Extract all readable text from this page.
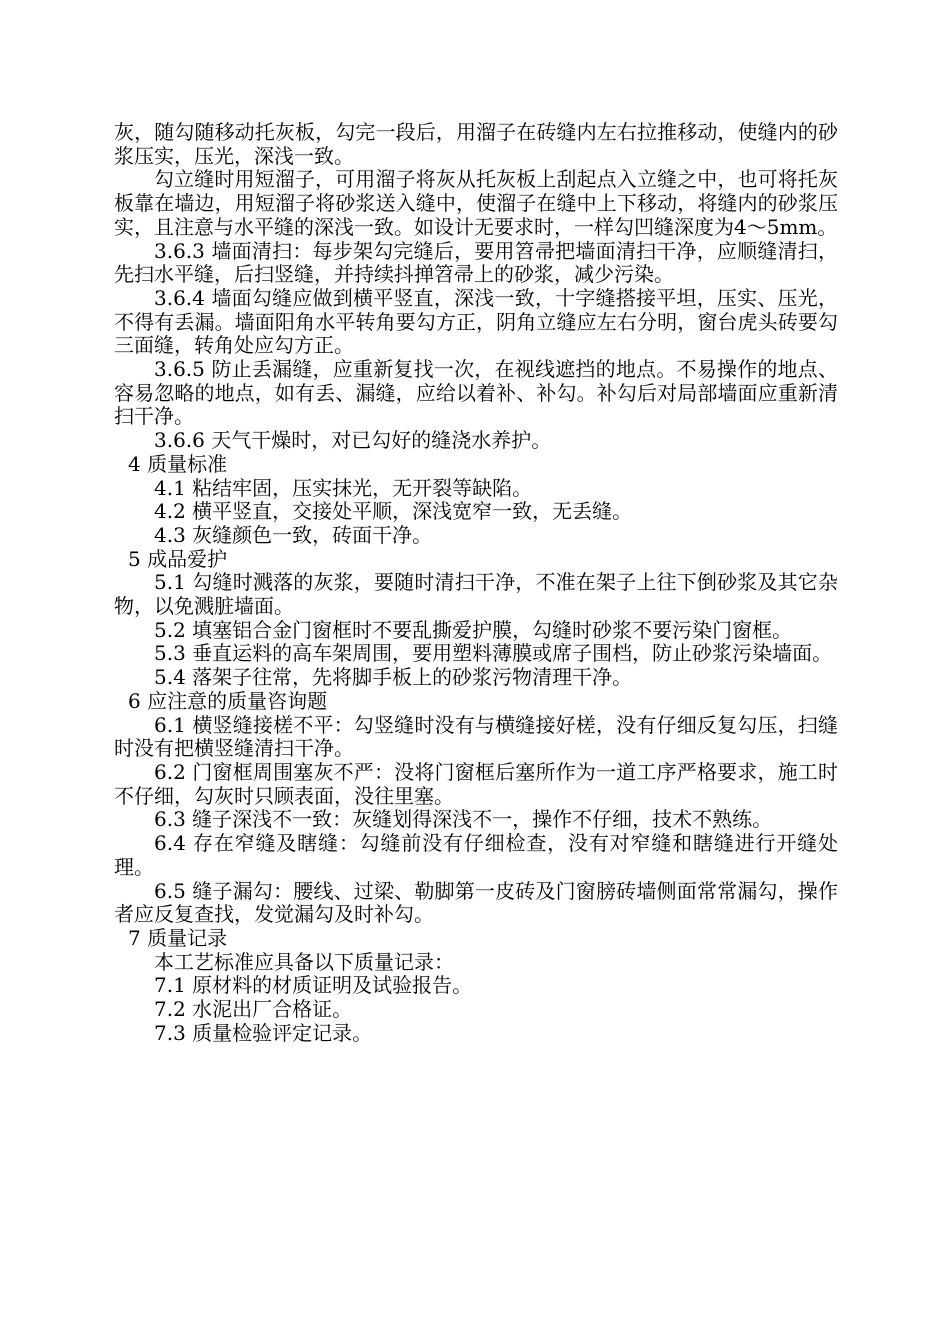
灰，随勾随移动托灰板，勾完一段后，用溜子在砖缝内左右拉推移动，使缝内的砂浆压实，压光，深浅一致。

勾立缝时用短溜子，可用溜子将灰从托灰板上刮起点入立缝之中，也可将托灰板靠在墙边，用短溜子将砂浆送入缝中，使溜子在缝中上下移动，将缝内的砂浆压实，且注意与水平缝的深浅一致。如设计无要求时，一样勾凹缝深度为4～5mm。

3.6.3 墙面清扫：每步架勾完缝后，要用笤帚把墙面清扫干净，应顺缝清扫，先扫水平缝，后扫竖缝，并持续抖掸笤帚上的砂浆，减少污染。

3.6.4 墙面勾缝应做到横平竖直，深浅一致，十字缝搭接平坦，压实、压光，不得有丢漏。墙面阳角水平转角要勾方正，阴角立缝应左右分明，窗台虎头砖要勾三面缝，转角处应勾方正。

3.6.5 防止丢漏缝，应重新复找一次，在视线遮挡的地点。不易操作的地点、容易忽略的地点，如有丢、漏缝，应给以着补、补勾。补勾后对局部墙面应重新清扫干净。

3.6.6 天气干燥时，对已勾好的缝浇水养护。

4 质量标准

4.1 粘结牢固，压实抹光，无开裂等缺陷。

4.2 横平竖直，交接处平顺，深浅宽窄一致，无丢缝。

4.3 灰缝颜色一致，砖面干净。

5 成品爱护

5.1 勾缝时溅落的灰浆，要随时清扫干净，不准在架子上往下倒砂浆及其它杂物，以免溅脏墙面。

5.2 填塞铝合金门窗框时不要乱撕爱护膜，勾缝时砂浆不要污染门窗框。

5.3 垂直运料的高车架周围，要用塑料薄膜或席子围档，防止砂浆污染墙面。

5.4 落架子往常，先将脚手板上的砂浆污物清理干净。

6 应注意的质量咨询题

6.1 横竖缝接槎不平：勾竖缝时没有与横缝接好槎，没有仔细反复勾压，扫缝时没有把横竖缝清扫干净。

6.2 门窗框周围塞灰不严：没将门窗框后塞所作为一道工序严格要求，施工时不仔细，勾灰时只顾表面，没往里塞。

6.3 缝子深浅不一致：灰缝划得深浅不一，操作不仔细，技术不熟练。

6.4 存在窄缝及瞎缝：勾缝前没有仔细检查，没有对窄缝和瞎缝进行开缝处理。

6.5 缝子漏勾：腰线、过梁、勒脚第一皮砖及门窗膀砖墙侧面常常漏勾，操作者应反复查找，发觉漏勾及时补勾。

7 质量记录

本工艺标准应具备以下质量记录：

7.1 原材料的材质证明及试验报告。

7.2 水泥出厂合格证。

7.3 质量检验评定记录。
